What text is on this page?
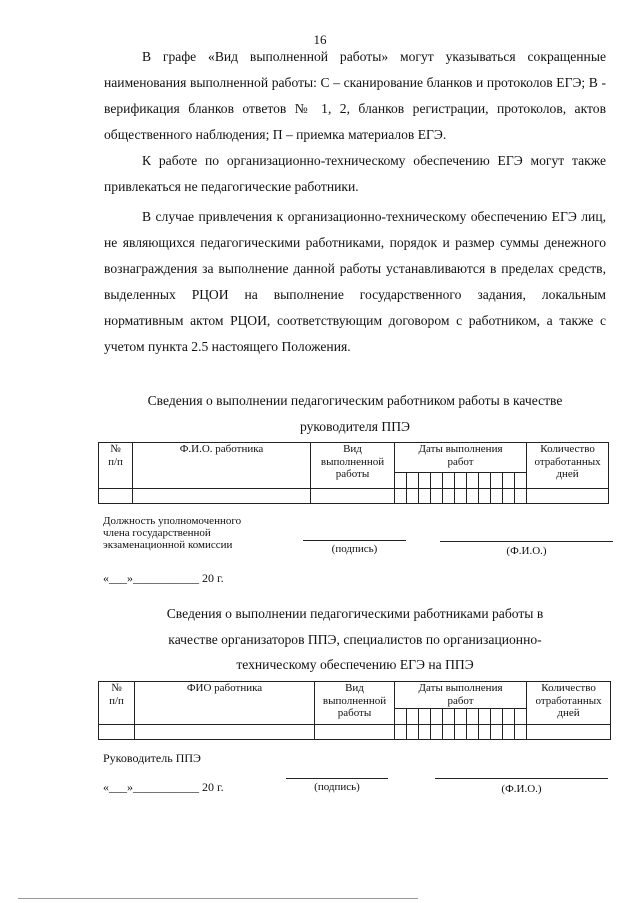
16

В графе «Вид выполненной работы» могут указываться сокращенные наименования выполненной работы: С – сканирование бланков и протоколов ЕГЭ; В - верификация бланков ответов № 1, 2, бланков регистрации, протоколов, актов общественного наблюдения; П – приемка материалов ЕГЭ.

К работе по организационно-техническому обеспечению ЕГЭ могут также привлекаться не педагогические работники.

В случае привлечения к организационно-техническому обеспечению ЕГЭ лиц, не являющихся педагогическими работниками, порядок и размер суммы денежного вознаграждения за выполнение данной работы устанавливаются в пределах средств, выделенных РЦОИ на выполнение государственного задания, локальным нормативным актом РЦОИ, соответствующим договором с работником, а также с учетом пункта 2.5 настоящего Положения.

Сведения о выполнении педагогическим работником работы в качестве

руководителя ППЭ

№
п/п	Ф.И.О. работника	Вид
выполненной
работы	Даты выполнения
работ											Количество
отработанных
дней

Должность уполномоченного
члена государственной
экзаменационной комиссии	(подпись)	(Ф.И.О.)
«___»___________ 20 г.

Сведения о выполнении педагогическими работниками работы в

качестве организаторов ППЭ, специалистов по организационно-

техническому обеспечению ЕГЭ на ППЭ

№
п/п	ФИО работника	Вид
выполненной
работы	Даты выполнения
работ											Количество
отработанных
дней

Руководитель ППЭ
(подпись)	(Ф.И.О.)
«___»___________ 20 г.
